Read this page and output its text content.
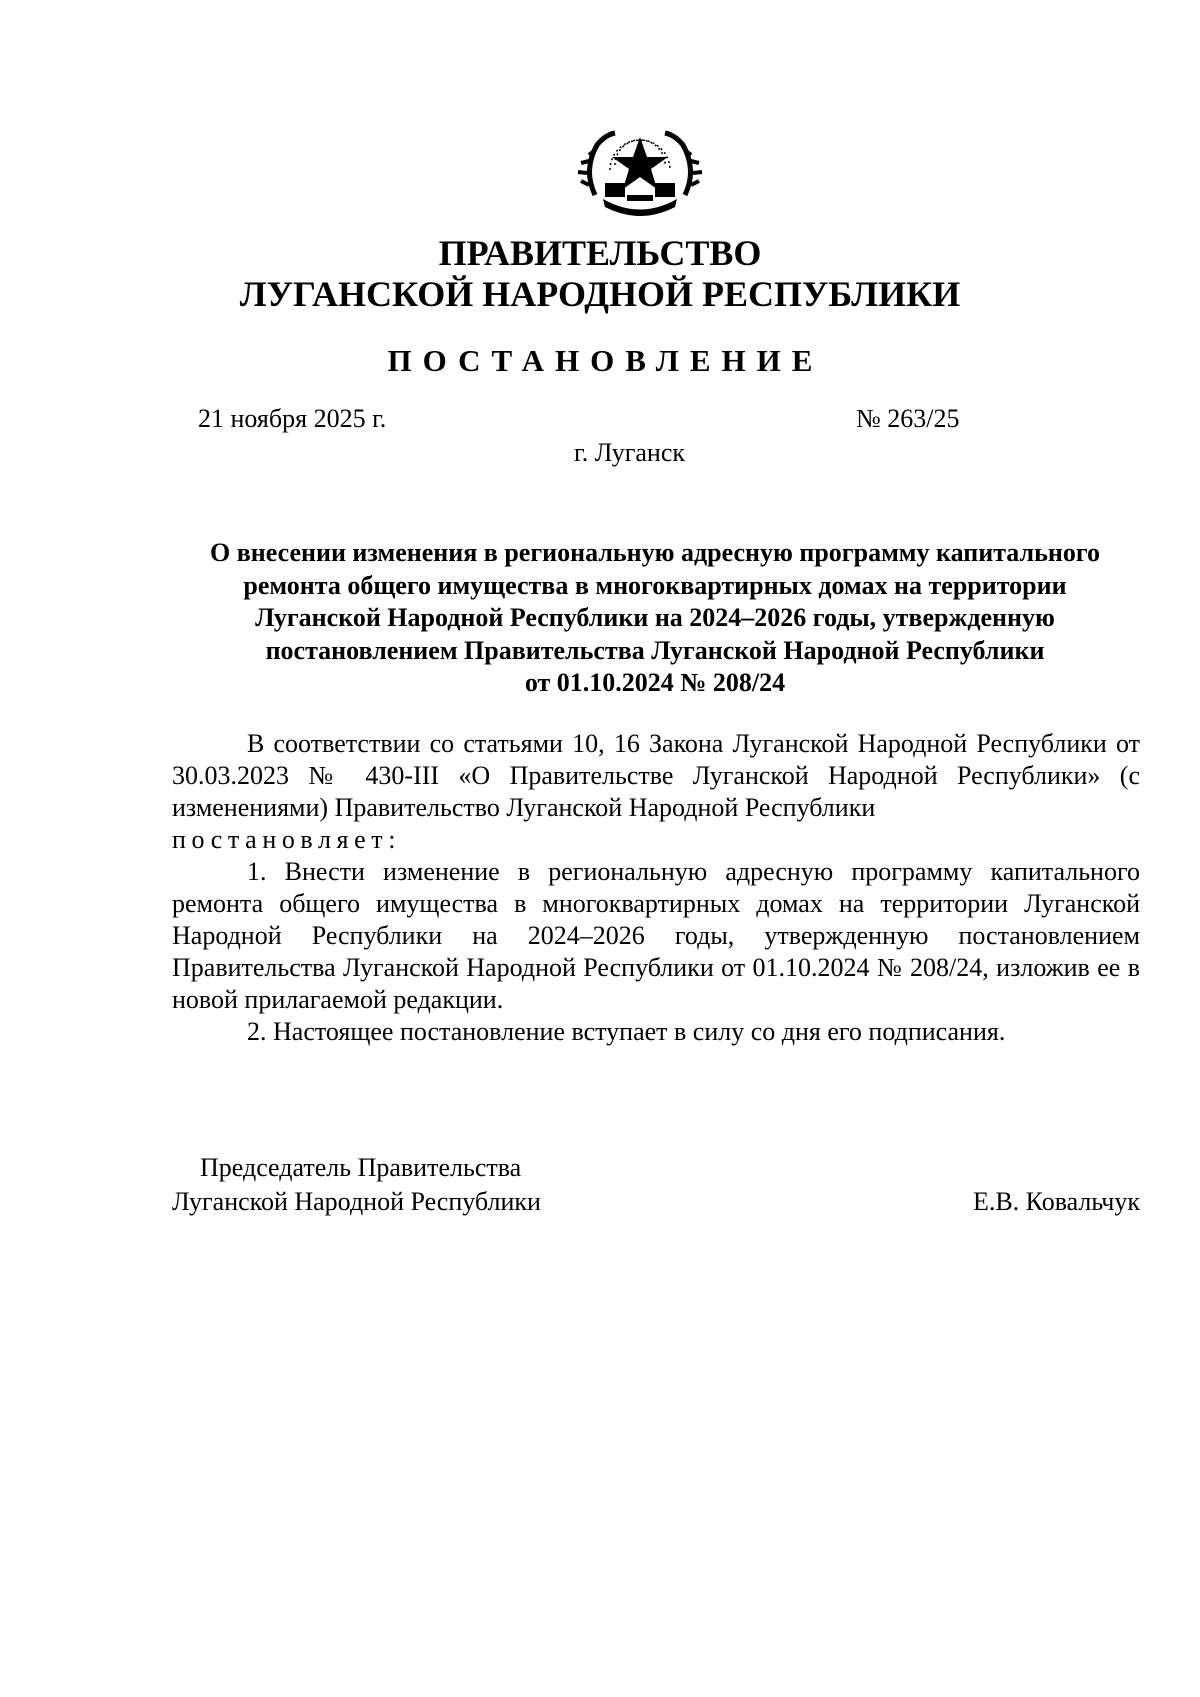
ПРАВИТЕЛЬСТВО
ЛУГАНСКОЙ НАРОДНОЙ РЕСПУБЛИКИ
ПОСТАНОВЛЕНИЕ
21 ноября 2025 г.	№ 263/25
г. Луганск
О внесении изменения в региональную адресную программу капитального
ремонта общего имущества в многоквартирных домах на территории
Луганской Народной Республики на 2024–2026 годы, утвержденную
постановлением Правительства Луганской Народной Республики
от 01.10.2024 № 208/24

В соответствии со статьями 10, 16 Закона Луганской Народной Республики от 30.03.2023 № 430-III «О Правительстве Луганской Народной Республики» (с изменениями) Правительство Луганской Народной Республики

постановляет:

1. Внести изменение в региональную адресную программу капитального ремонта общего имущества в многоквартирных домах на территории Луганской Народной Республики на 2024–2026 годы, утвержденную постановлением Правительства Луганской Народной Республики от 01.10.2024 № 208/24, изложив ее в новой прилагаемой редакции.

2. Настоящее постановление вступает в силу со дня его подписания.

Председатель Правительства
Луганской Народной Республики	Е.В. Ковальчук
